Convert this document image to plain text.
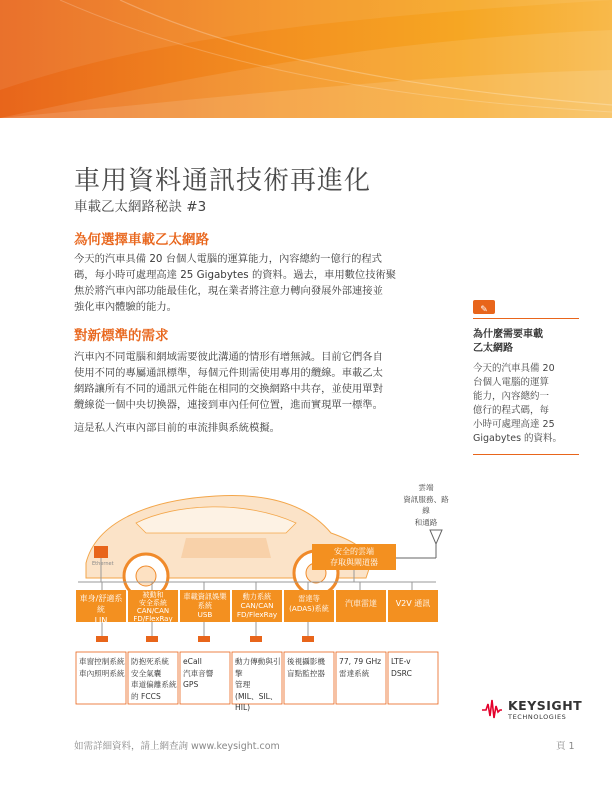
車用資料通訊技術再進化
車載乙太網路秘訣 #3
為何選擇車載乙太網路
今天的汽車具備 20 台個人電腦的運算能力，內容總約一億行的程式
碼，每小時可處理高達 25 Gigabytes 的資料。過去，車用數位技術聚
焦於將汽車內部功能最佳化，現在業者將注意力轉向發展外部連接並
強化車內體驗的能力。
對新標準的需求
汽車內不同電腦和網域需要彼此溝通的情形有增無減。目前它們各自
使用不同的專屬通訊標準，每個元件則需使用專用的纜線。車載乙太
網路讓所有不同的通訊元件能在相同的交換網路中共存，並使用單對
纜線從一個中央切換器，連接到車內任何位置，進而實現單一標準。
這是私人汽車內部目前的車流排與系統模擬。
✎
為什麼需要車載
乙太網路
今天的汽車具備 20
台個人電腦的運算
能力，內容總約一
億行的程式碼，每
小時可處理高達 25
Gigabytes 的資料。
雲端
資訊服務、路線
和通路
安全的雲端
存取與閘道器
Ethernet
車身/舒適系統
LIN
被動和
安全系統
CAN/CAN
FD/FlexRay
車載資訊娛樂
系統
USB
動力系統
CAN/CAN
FD/FlexRay
雷達等
(ADAS)系統
汽車雷達	V2V 通訊
車窗控制系統
車內照明系統
防抱死系統
安全氣囊
車道偏離系統
的 FCCS
eCall
汽車音響
GPS
動力傳動與引擎
管理
(MIL、SIL、
HIL)
後視攝影機
盲點監控器
77, 79 GHz
雷達系統
LTE-v
DSRC
KEYSIGHT
TECHNOLOGIES
如需詳細資料，請上網查詢 www.keysight.com	頁 1
